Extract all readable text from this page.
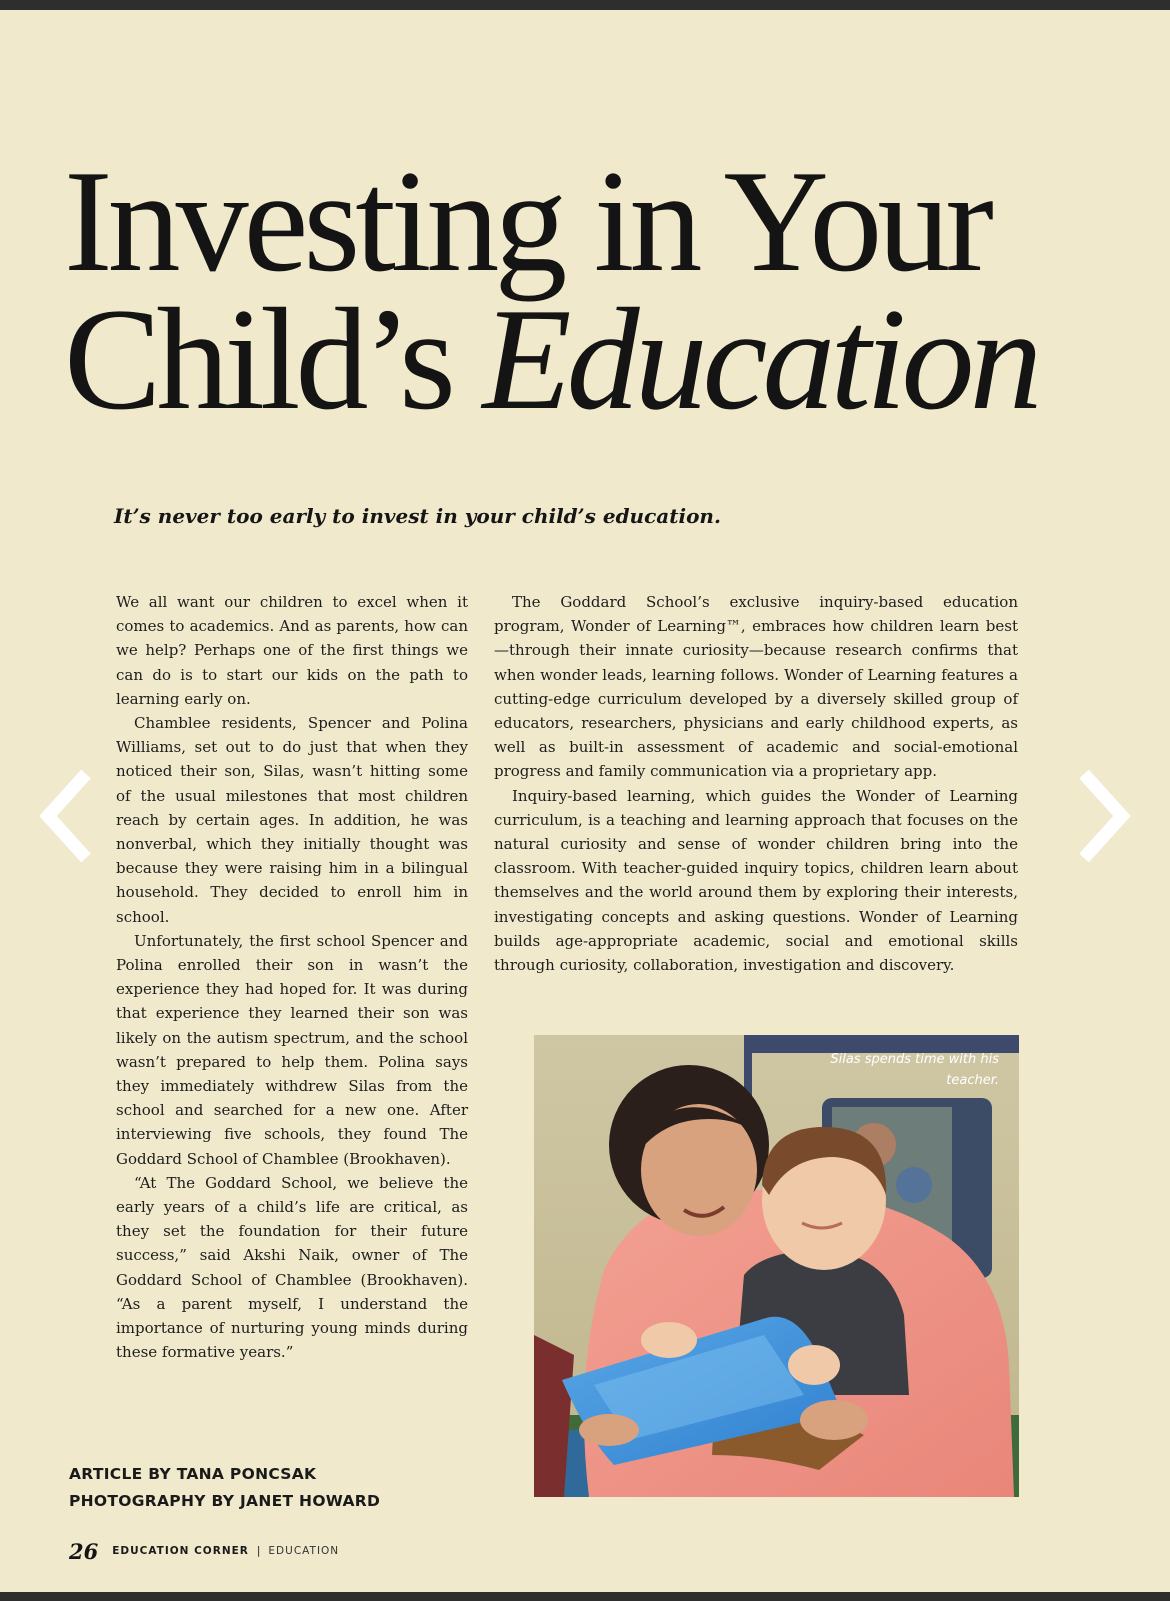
Investing in Your
Child’s Education

It’s never too early to invest in your child’s education.

We all want our children to excel when it comes to academics. And as parents, how can we help? Perhaps one of the first things we can do is to start our kids on the path to learning early on.

Chamblee residents, Spencer and Polina Williams, set out to do just that when they noticed their son, Silas, wasn’t hitting some of the usual milestones that most children reach by certain ages. In addition, he was nonverbal, which they initially thought was because they were raising him in a bilingual household. They decided to enroll him in school.

Unfortunately, the first school Spencer and Polina enrolled their son in wasn’t the experience they had hoped for. It was during that experience they learned their son was likely on the autism spectrum, and the school wasn’t prepared to help them. Polina says they immediately withdrew Silas from the school and searched for a new one. After interviewing five schools, they found The Goddard School of Chamblee (Brookhaven).

“At The Goddard School, we believe the early years of a child’s life are critical, as they set the foundation for their future success,” said Akshi Naik, owner of The Goddard School of Chamblee (Brookhaven). “As a parent myself, I understand the importance of nurturing young minds during these formative years.”

The Goddard School’s exclusive inquiry-based education program, Wonder of Learning™, embraces how children learn best—through their innate curiosity—because research confirms that when wonder leads, learning follows. Wonder of Learning features a cutting-edge curriculum developed by a diversely skilled group of educators, researchers, physicians and early childhood experts, as well as built-in assessment of academic and social-emotional progress and family communication via a proprietary app.

Inquiry-based learning, which guides the Wonder of Learning curriculum, is a teaching and learning approach that focuses on the natural curiosity and sense of wonder children bring into the classroom. With teacher-guided inquiry topics, children learn about themselves and the world around them by exploring their interests, investigating concepts and asking questions. Wonder of Learning builds age-appropriate academic, social and emotional skills through curiosity, collaboration, investigation and discovery.

Silas spends time with his teacher.
ARTICLE BY TANA PONCSAK
PHOTOGRAPHY BY JANET HOWARD
26 EDUCATION CORNER | EDUCATION
